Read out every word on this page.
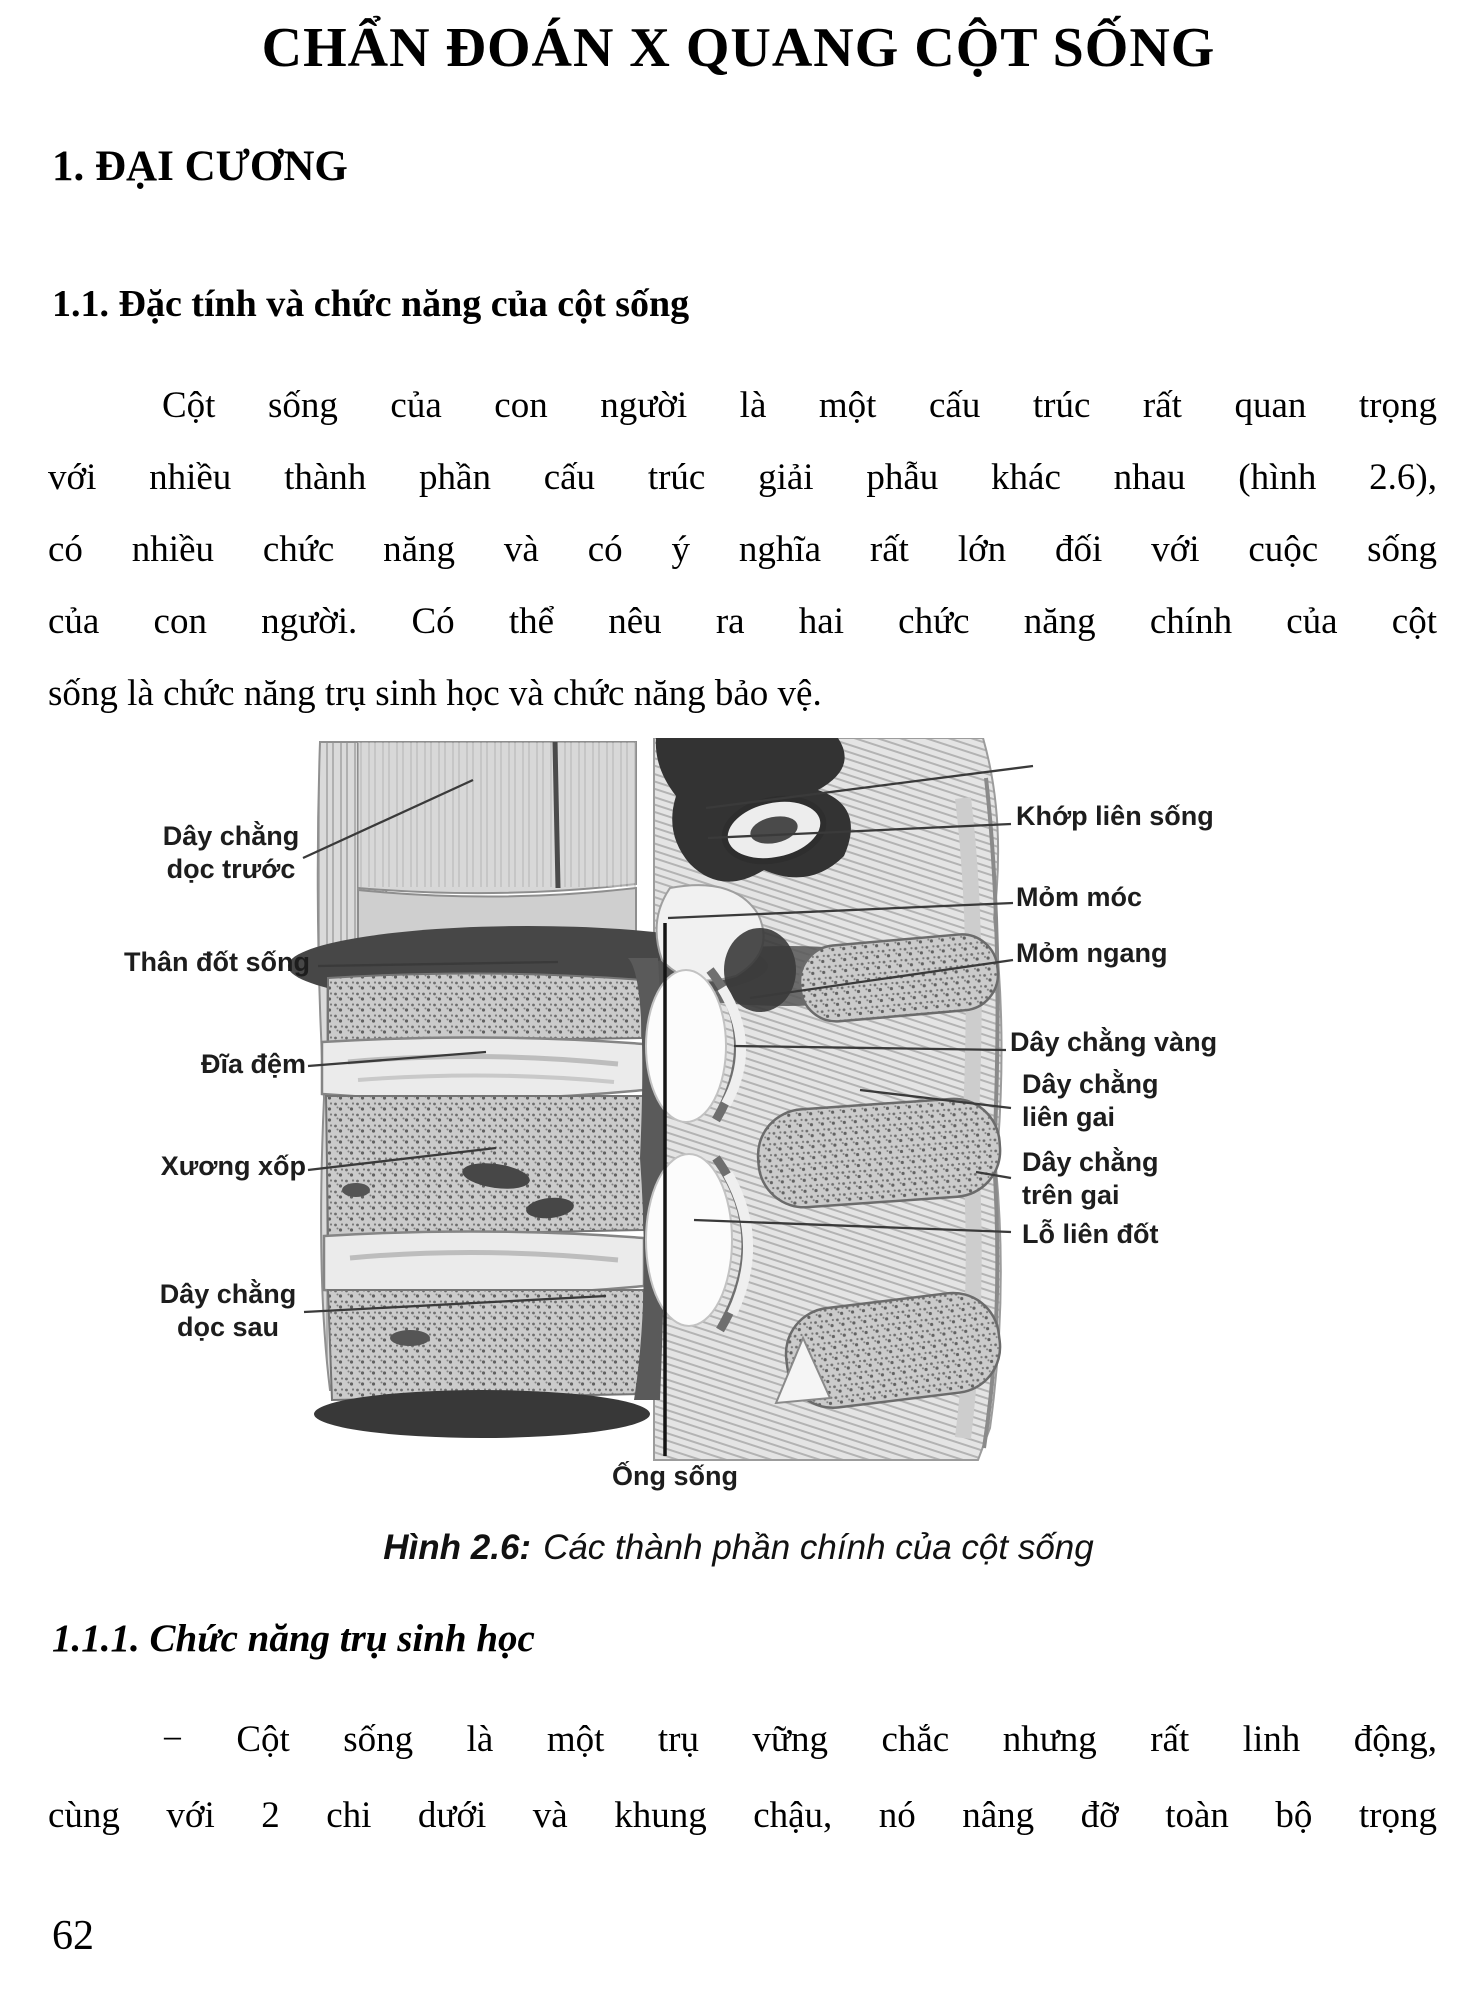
CHẨN ĐOÁN X QUANG CỘT SỐNG
1. ĐẠI CƯƠNG
1.1. Đặc tính và chức năng của cột sống
Cột sống của con người là một cấu trúc rất quan trọng
với nhiều thành phần cấu trúc giải phẫu khác nhau (hình 2.6),
có nhiều chức năng và có ý nghĩa rất lớn đối với cuộc sống
của con người. Có thể nêu ra hai chức năng chính của cột
sống là chức năng trụ sinh học và chức năng bảo vệ.
Dây chằng
dọc trước
Thân đốt sống
Đĩa đệm
Xương xốp
Dây chằng
dọc sau
Khớp liên sống
Mỏm móc
Mỏm ngang
Dây chằng vàng
Dây chằng
liên gai
Dây chằng
trên gai
Lỗ liên đốt
Ống sống
Hình 2.6: Các thành phần chính của cột sống
1.1.1. Chức năng trụ sinh học
− Cột sống là một trụ vững chắc nhưng rất linh động,
cùng với 2 chi dưới và khung chậu, nó nâng đỡ toàn bộ trọng
62
